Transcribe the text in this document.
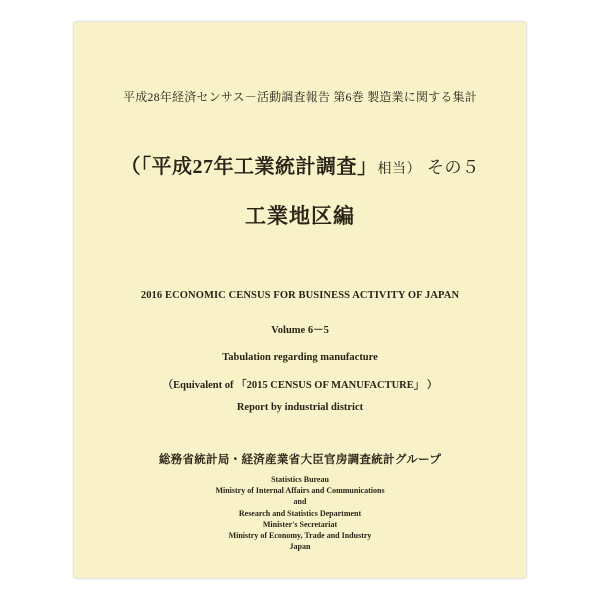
平成28年経済センサス－活動調査報告 第6巻 製造業に関する集計
（「平成27年工業統計調査」相当） その５
工業地区編
2016 ECONOMIC CENSUS FOR BUSINESS ACTIVITY OF JAPAN
Volume 6－5
Tabulation regarding manufacture
（Equivalent of 「2015 CENSUS OF MANUFACTURE」 ）
Report by industrial district
総務省統計局・経済産業省大臣官房調査統計グループ
Statistics Bureau
Ministry of Internal Affairs and Communications
and
Research and Statistics Department
Minister's Secretariat
Ministry of Economy, Trade and Industry
Japan
